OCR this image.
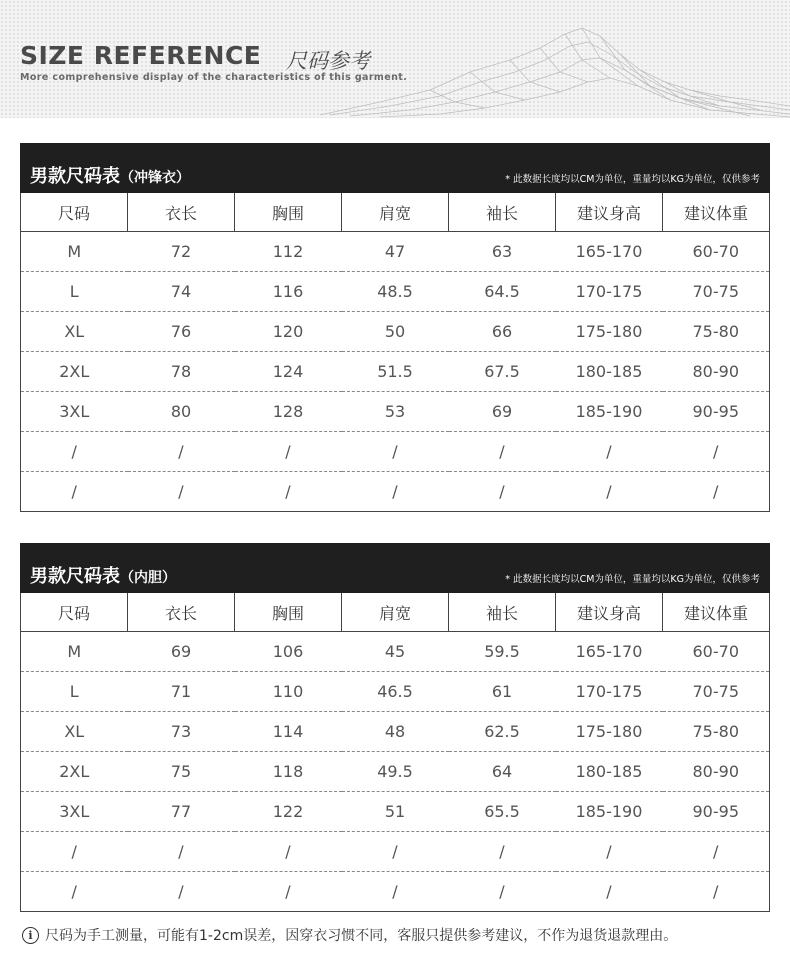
SIZE REFERENCE 尺码参考
More comprehensive display of the characteristics of this garment.
男款尺码表（冲锋衣）	* 此数据长度均以CM为单位，重量均以KG为单位，仅供参考
尺码	衣长	胸围	肩宽	袖长	建议身高	建议体重
M	72	112	47	63	165-170	60-70
L	74	116	48.5	64.5	170-175	70-75
XL	76	120	50	66	175-180	75-80
2XL	78	124	51.5	67.5	180-185	80-90
3XL	80	128	53	69	185-190	90-95
/	/	/	/	/	/	/
/	/	/	/	/	/	/
男款尺码表（内胆）	* 此数据长度均以CM为单位，重量均以KG为单位，仅供参考
尺码	衣长	胸围	肩宽	袖长	建议身高	建议体重
M	69	106	45	59.5	165-170	60-70
L	71	110	46.5	61	170-175	70-75
XL	73	114	48	62.5	175-180	75-80
2XL	75	118	49.5	64	180-185	80-90
3XL	77	122	51	65.5	185-190	90-95
/	/	/	/	/	/	/
/	/	/	/	/	/	/
i 尺码为手工测量，可能有1-2cm误差，因穿衣习惯不同，客服只提供参考建议，不作为退货退款理由。
